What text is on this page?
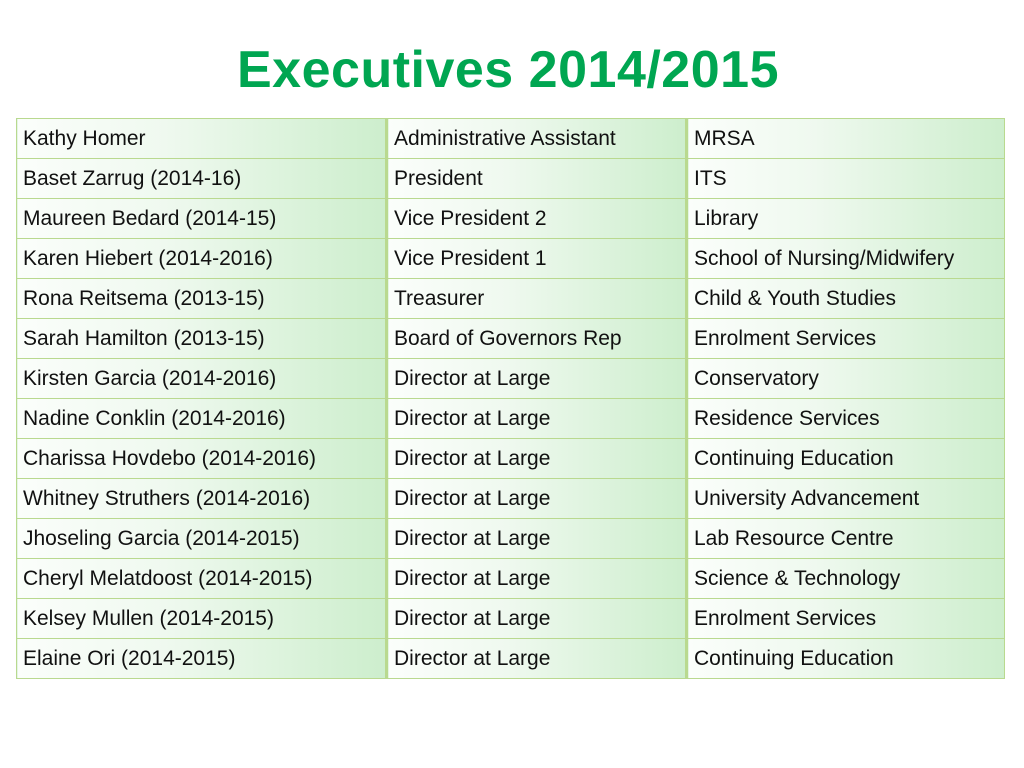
Executives 2014/2015
Kathy Homer	Administrative Assistant	MRSA
Baset Zarrug (2014-16)	President	ITS
Maureen Bedard (2014-15)	Vice President 2	Library
Karen Hiebert (2014-2016)	Vice President 1	School of Nursing/Midwifery
Rona Reitsema (2013-15)	Treasurer	Child & Youth Studies
Sarah Hamilton (2013-15)	Board of Governors Rep	Enrolment Services
Kirsten Garcia (2014-2016)	Director at Large	Conservatory
Nadine Conklin (2014-2016)	Director at Large	Residence Services
Charissa Hovdebo (2014-2016)	Director at Large	Continuing Education
Whitney Struthers (2014-2016)	Director at Large	University Advancement
Jhoseling Garcia (2014-2015)	Director at Large	Lab Resource Centre
Cheryl Melatdoost (2014-2015)	Director at Large	Science & Technology
Kelsey Mullen (2014-2015)	Director at Large	Enrolment Services
Elaine Ori (2014-2015)	Director at Large	Continuing Education
